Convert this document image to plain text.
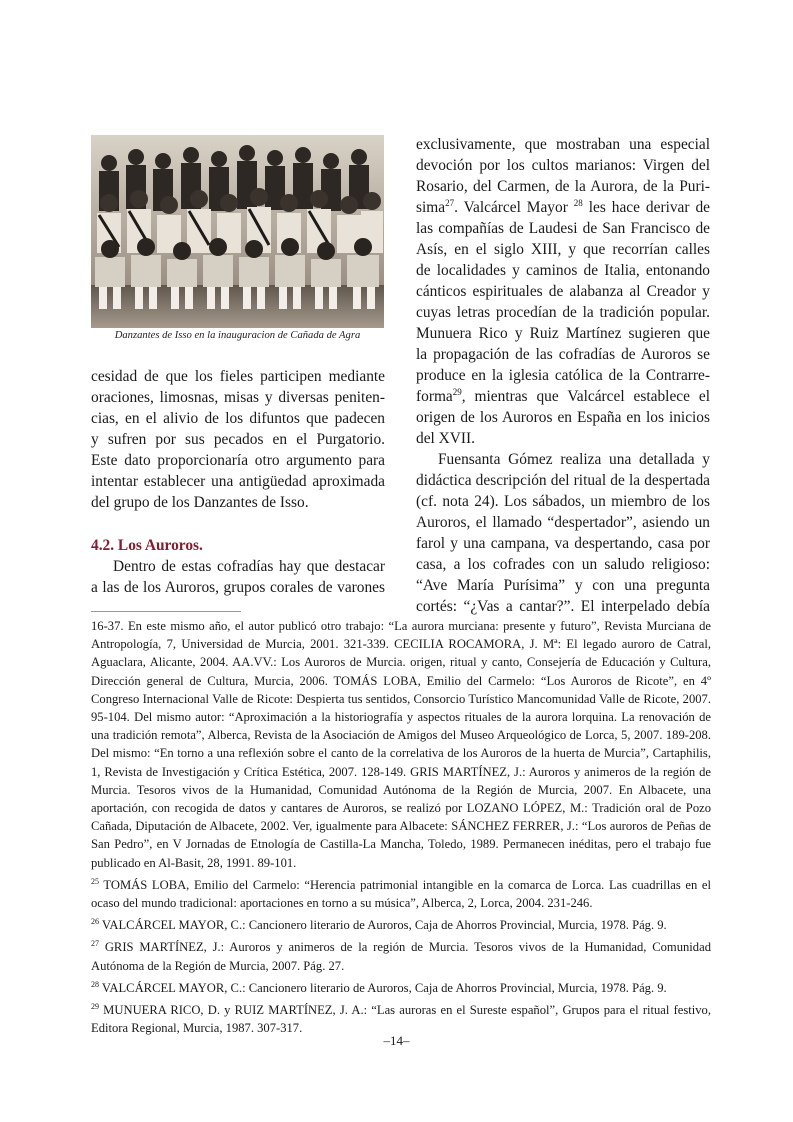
Danzantes de Isso en la inauguracion de Cañada de Agra
cesidad de que los fieles participen mediante
oraciones, limosnas, misas y diversas peniten-
cias, en el alivio de los difuntos que padecen
y sufren por sus pecados en el Purgatorio.
Este dato proporcionaría otro argumento para
intentar establecer una antigüedad aproximada
del grupo de los Danzantes de Isso.
4.2. Los Auroros.
Dentro de estas cofradías hay que destacar
a las de los Auroros, grupos corales de varones
exclusivamente, que mostraban una especial
devoción por los cultos marianos: Virgen del
Rosario, del Carmen, de la Aurora, de la Puri-
sima$^{27}$. Valcárcel Mayor $^{28}$ les hace derivar de
las compañías de Laudesi de San Francisco de
Asís, en el siglo XIII, y que recorrían calles
de localidades y caminos de Italia, entonando
cánticos espirituales de alabanza al Creador y
cuyas letras procedían de la tradición popular.
Munuera Rico y Ruiz Martínez sugieren que
la propagación de las cofradías de Auroros se
produce en la iglesia católica de la Contrarre-
forma$^{29}$, mientras que Valcárcel establece el
origen de los Auroros en España en los inicios
del XVII.
Fuensanta Gómez realiza una detallada y
didáctica descripción del ritual de la despertada
(cf. nota 24). Los sábados, un miembro de los
Auroros, el llamado “despertador”, asiendo un
farol y una campana, va despertando, casa por
casa, a los cofrades con un saludo religioso:
“Ave María Purísima” y con una pregunta
cortés: “¿Vas a cantar?”. El interpelado debía

16-37. En este mismo año, el autor publicó otro trabajo: “La aurora murciana: presente y futuro”, Revista Murciana de Antropología, 7, Universidad de Murcia, 2001. 321-339. CECILIA ROCAMORA, J. Mª: El legado auroro de Catral, Aguaclara, Alicante, 2004. AA.VV.: Los Auroros de Murcia. origen, ritual y canto, Consejería de Educación y Cultura, Dirección general de Cultura, Murcia, 2006. TOMÁS LOBA, Emilio del Carmelo: “Los Auroros de Ricote”, en 4º Congreso Internacional Valle de Ricote: Despierta tus sentidos, Consorcio Turístico Mancomunidad Valle de Ricote, 2007. 95-104. Del mismo autor: “Aproximación a la historiografía y aspectos rituales de la aurora lorquina. La renovación de una tradición remota”, Alberca, Revista de la Asociación de Amigos del Museo Arqueológico de Lorca, 5, 2007. 189-208. Del mismo: “En torno a una reflexión sobre el canto de la correlativa de los Auroros de la huerta de Murcia”, Cartaphilis, 1, Revista de Investigación y Crítica Estética, 2007. 128-149. GRIS MARTÍNEZ, J.: Auroros y animeros de la región de Murcia. Tesoros vivos de la Humanidad, Comunidad Autónoma de la Región de Murcia, 2007. En Albacete, una aportación, con recogida de datos y cantares de Auroros, se realizó por LOZANO LÓPEZ, M.: Tradición oral de Pozo Cañada, Diputación de Albacete, 2002. Ver, igualmente para Albacete: SÁNCHEZ FERRER, J.: “Los auroros de Peñas de San Pedro”, en V Jornadas de Etnología de Castilla-La Mancha, Toledo, 1989. Permanecen inéditas, pero el trabajo fue publicado en Al-Basit, 28, 1991. 89-101.

$^{25}$ TOMÁS LOBA, Emilio del Carmelo: “Herencia patrimonial intangible en la comarca de Lorca. Las cuadrillas en el ocaso del mundo tradicional: aportaciones en torno a su música”, Alberca, 2, Lorca, 2004. 231-246.

$^{26}$ VALCÁRCEL MAYOR, C.: Cancionero literario de Auroros, Caja de Ahorros Provincial, Murcia, 1978. Pág. 9.

$^{27}$ GRIS MARTÍNEZ, J.: Auroros y animeros de la región de Murcia. Tesoros vivos de la Humanidad, Comunidad Autónoma de la Región de Murcia, 2007. Pág. 27.

$^{28}$ VALCÁRCEL MAYOR, C.: Cancionero literario de Auroros, Caja de Ahorros Provincial, Murcia, 1978. Pág. 9.

$^{29}$ MUNUERA RICO, D. y RUIZ MARTÍNEZ, J. A.: “Las auroras en el Sureste español”, Grupos para el ritual festivo, Editora Regional, Murcia, 1987. 307-317.

–14–
